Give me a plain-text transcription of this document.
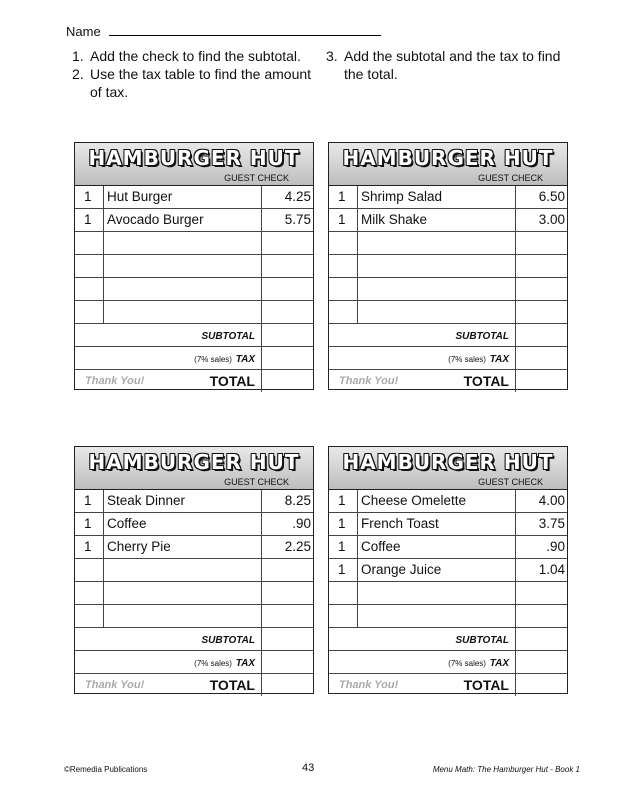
Name
1. Add the check to find the subtotal.
2. Use the tax table to find the amount of tax.
3. Add the subtotal and the tax to find the total.
HAMBURGER HUT
GUEST CHECK
1	Hut Burger	4.25
1	Avocado Burger	5.75
SUBTOTAL
(7% sales) TAX
Thank You!	TOTAL
HAMBURGER HUT
GUEST CHECK
1	Shrimp Salad	6.50
1	Milk Shake	3.00
SUBTOTAL
(7% sales) TAX
Thank You!	TOTAL
HAMBURGER HUT
GUEST CHECK
1	Steak Dinner	8.25
1	Coffee	.90
1	Cherry Pie	2.25
SUBTOTAL
(7% sales) TAX
Thank You!	TOTAL
HAMBURGER HUT
GUEST CHECK
1	Cheese Omelette	4.00
1	French Toast	3.75
1	Coffee	.90
1	Orange Juice	1.04
SUBTOTAL
(7% sales) TAX
Thank You!	TOTAL
©Remedia Publications	43	Menu Math: The Hamburger Hut - Book 1
